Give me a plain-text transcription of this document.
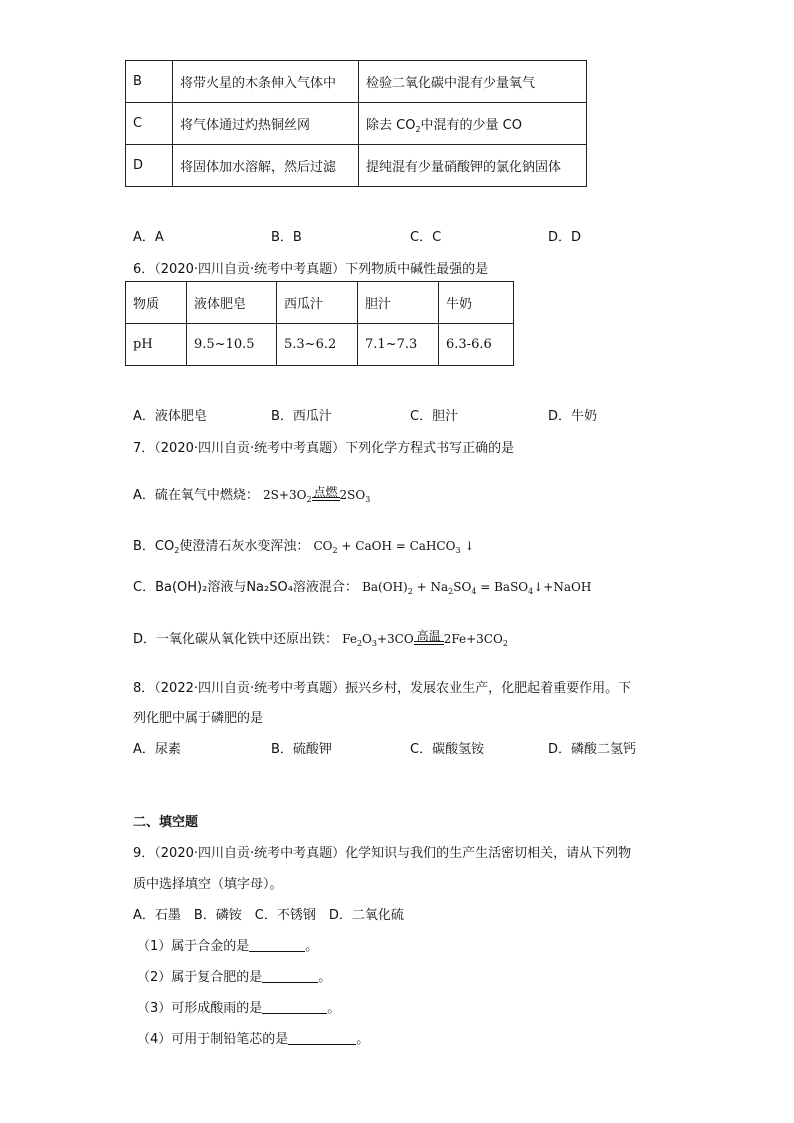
B	将带火星的木条伸入气体中	检验二氧化碳中混有少量氧气
C	将气体通过灼热铜丝网	除去 $CO_2$中混有的少量 CO
D	将固体加水溶解，然后过滤	提纯混有少量硝酸钾的氯化钠固体
A．A	B．B	C．C	D．D
6．（2020·四川自贡·统考中考真题）下列物质中碱性最强的是
物质	液体肥皂	西瓜汁	胆汁	牛奶
pH	9.5~10.5	5.3~6.2	7.1~7.3	6.3-6.6
A．液体肥皂	B．西瓜汁	C．胆汁	D．牛奶
7．（2020·四川自贡·统考中考真题）下列化学方程式书写正确的是
A．硫在氧气中燃烧： $2S+3O_2$
点燃 $2SO_3$
B．$CO_2$使澄清石灰水变浑浊： $CO_2$ + CaOH = CaHCO$_3$ ↓
C．Ba(OH)₂溶液与Na₂SO₄溶液混合： $Ba(OH)_2 + Na_2SO_4$ = BaSO$_4$↓+NaOH
D．一氧化碳从氧化铁中还原出铁： $Fe_2O_3+3CO$ 高温 $2Fe+3CO_2$
8．（2022·四川自贡·统考中考真题）振兴乡村，发展农业生产，化肥起着重要作用。下
列化肥中属于磷肥的是
A．尿素	B．硫酸钾	C．碳酸氢铵	D．磷酸二氢钙
二、填空题
9．（2020·四川自贡·统考中考真题）化学知识与我们的生产生活密切相关，请从下列物
质中选择填空（填字母）。
A．石墨　B．磷铵　C．不锈钢　D．二氧化硫
（1）属于合金的是	。
（2）属于复合肥的是	。
（3）可形成酸雨的是	。
（4）可用于制铅笔芯的是	。
